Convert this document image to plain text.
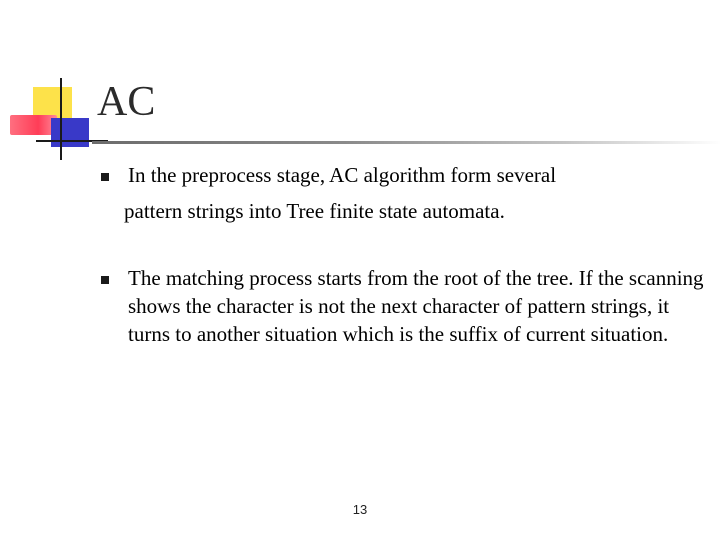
AC

In the preprocess stage, AC algorithm form several

pattern strings into Tree finite state automata.

The matching process starts from the root of the tree. If the scanning shows the character is not the next character of pattern strings, it turns to another situation which is the suffix of current situation.

13
